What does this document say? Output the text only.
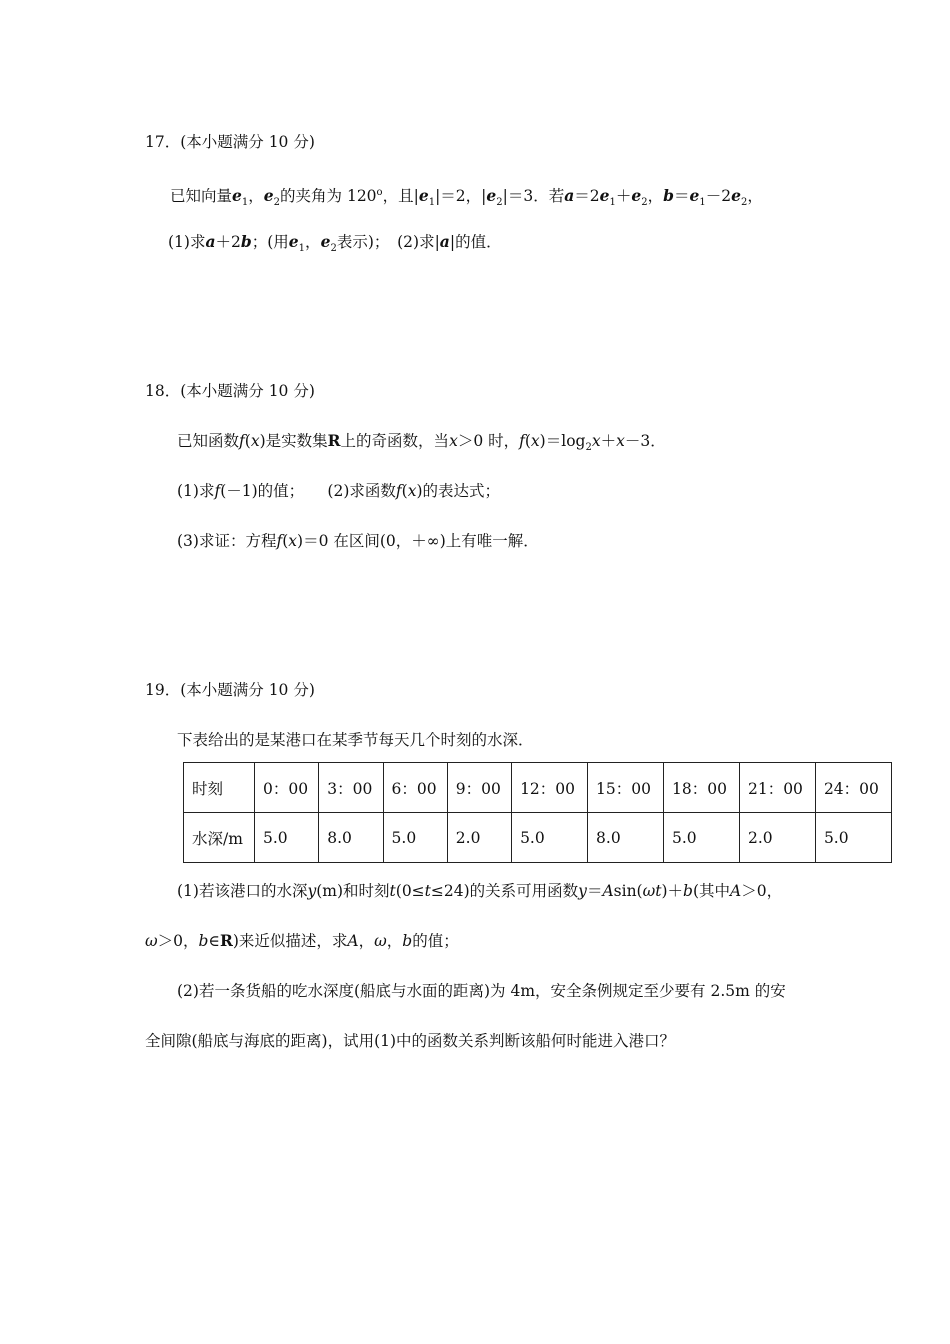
17．(本小题满分 10 分)
已知向量$e_1$，$e_2$的夹角为 120$^o$，且$|e_1|=2$，$|e_2|=3$．若$a=2e_1+e_2$，$b=e_1-2e_2$，
(1)求a＋2b；(用$e_1$，$e_2$表示)；　(2)求|a|的值．
18．(本小题满分 10 分)
已知函数f(x)是实数集R上的奇函数，当x＞0 时，$f(x)=\log_2x+x-3$．
(1)求f(－1)的值；　　(2)求函数f(x)的表达式；
(3)求证：方程f(x)＝0 在区间(0，＋∞)上有唯一解．
19．(本小题满分 10 分)
下表给出的是某港口在某季节每天几个时刻的水深．
时刻	0：00	3：00	6：00	9：00	12：00	15：00	18：00	21：00	24：00
水深/m	5.0	8.0	5.0	2.0	5.0	8.0	5.0	2.0	5.0
(1)若该港口的水深y(m)和时刻t(0≤t≤24)的关系可用函数y＝Asin(ωt)＋b(其中A＞0，
ω＞0，b∈R)来近似描述，求A，ω，b的值；
(2)若一条货船的吃水深度(船底与水面的距离)为 4m，安全条例规定至少要有 2.5m 的安
全间隙(船底与海底的距离)，试用(1)中的函数关系判断该船何时能进入港口？
